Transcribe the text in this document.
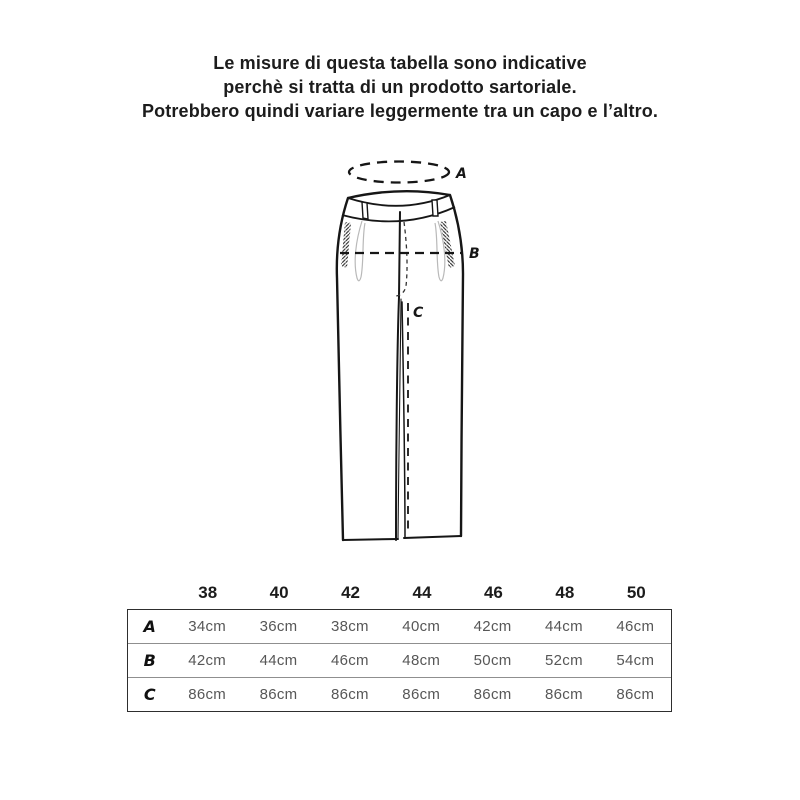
Le misure di questa tabella sono indicative
perchè si tratta di un prodotto sartoriale.
Potrebbero quindi variare leggermente tra un capo e l’altro.
A
B
C
38	40	42	44	46	48	50
A	34cm	36cm	38cm	40cm	42cm	44cm	46cm
B	42cm	44cm	46cm	48cm	50cm	52cm	54cm
C	86cm	86cm	86cm	86cm	86cm	86cm	86cm
